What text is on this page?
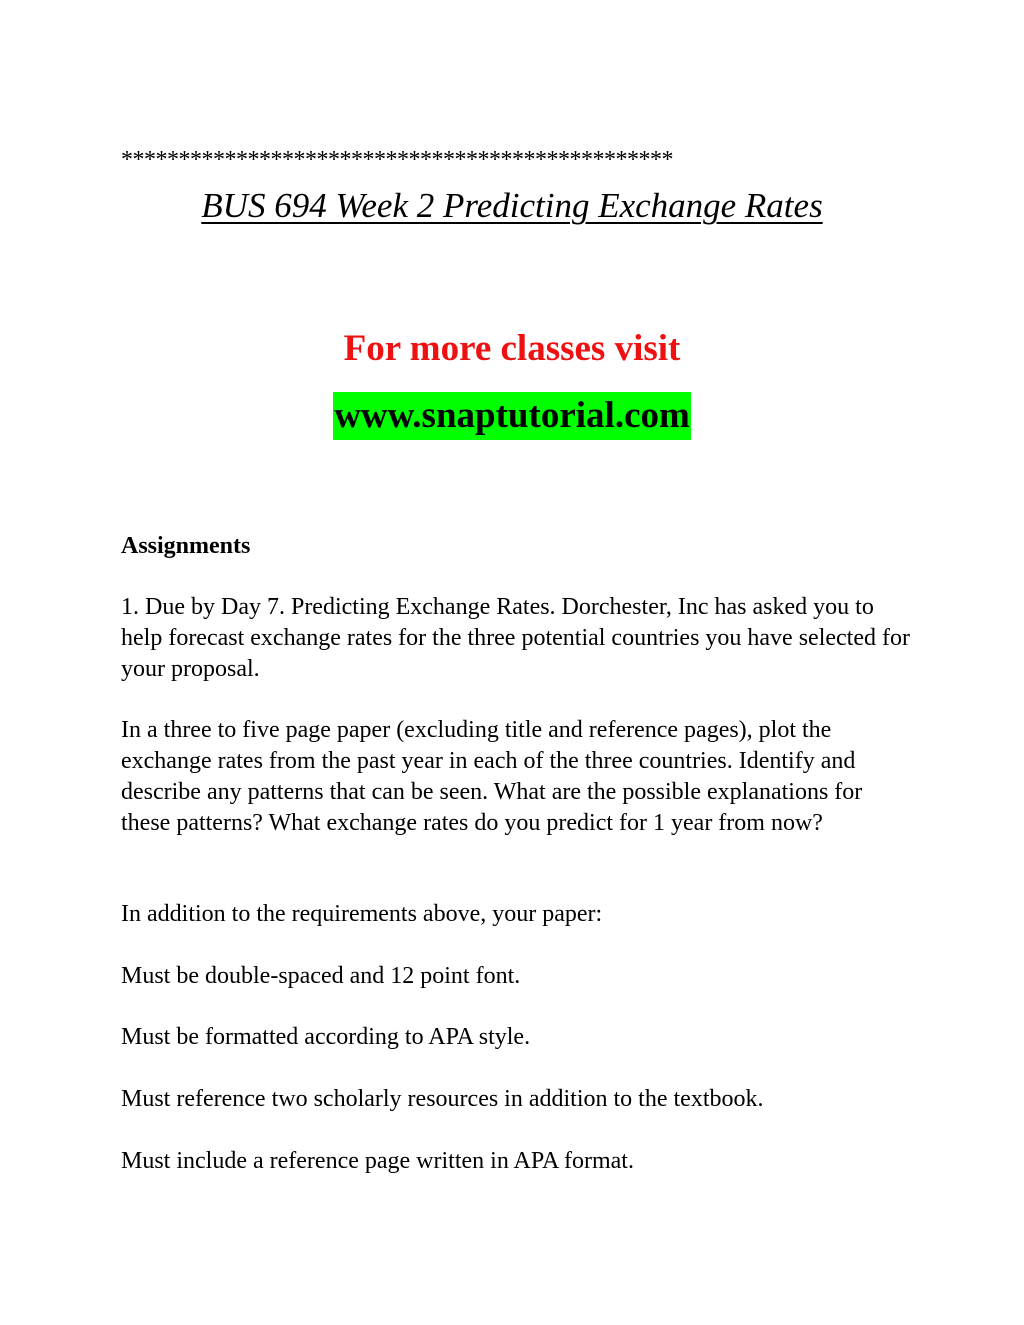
************************************************
BUS 694 Week 2 Predicting Exchange Rates
For more classes visit
www.snaptutorial.com
Assignments

1. Due by Day 7. Predicting Exchange Rates. Dorchester, Inc has asked you to help forecast exchange rates for the three potential countries you have selected for your proposal.

In a three to five page paper (excluding title and reference pages), plot the exchange rates from the past year in each of the three countries. Identify and describe any patterns that can be seen. What are the possible explanations for these patterns? What exchange rates do you predict for 1 year from now?

In addition to the requirements above, your paper:

Must be double-spaced and 12 point font.

Must be formatted according to APA style.

Must reference two scholarly resources in addition to the textbook.

Must include a reference page written in APA format.
